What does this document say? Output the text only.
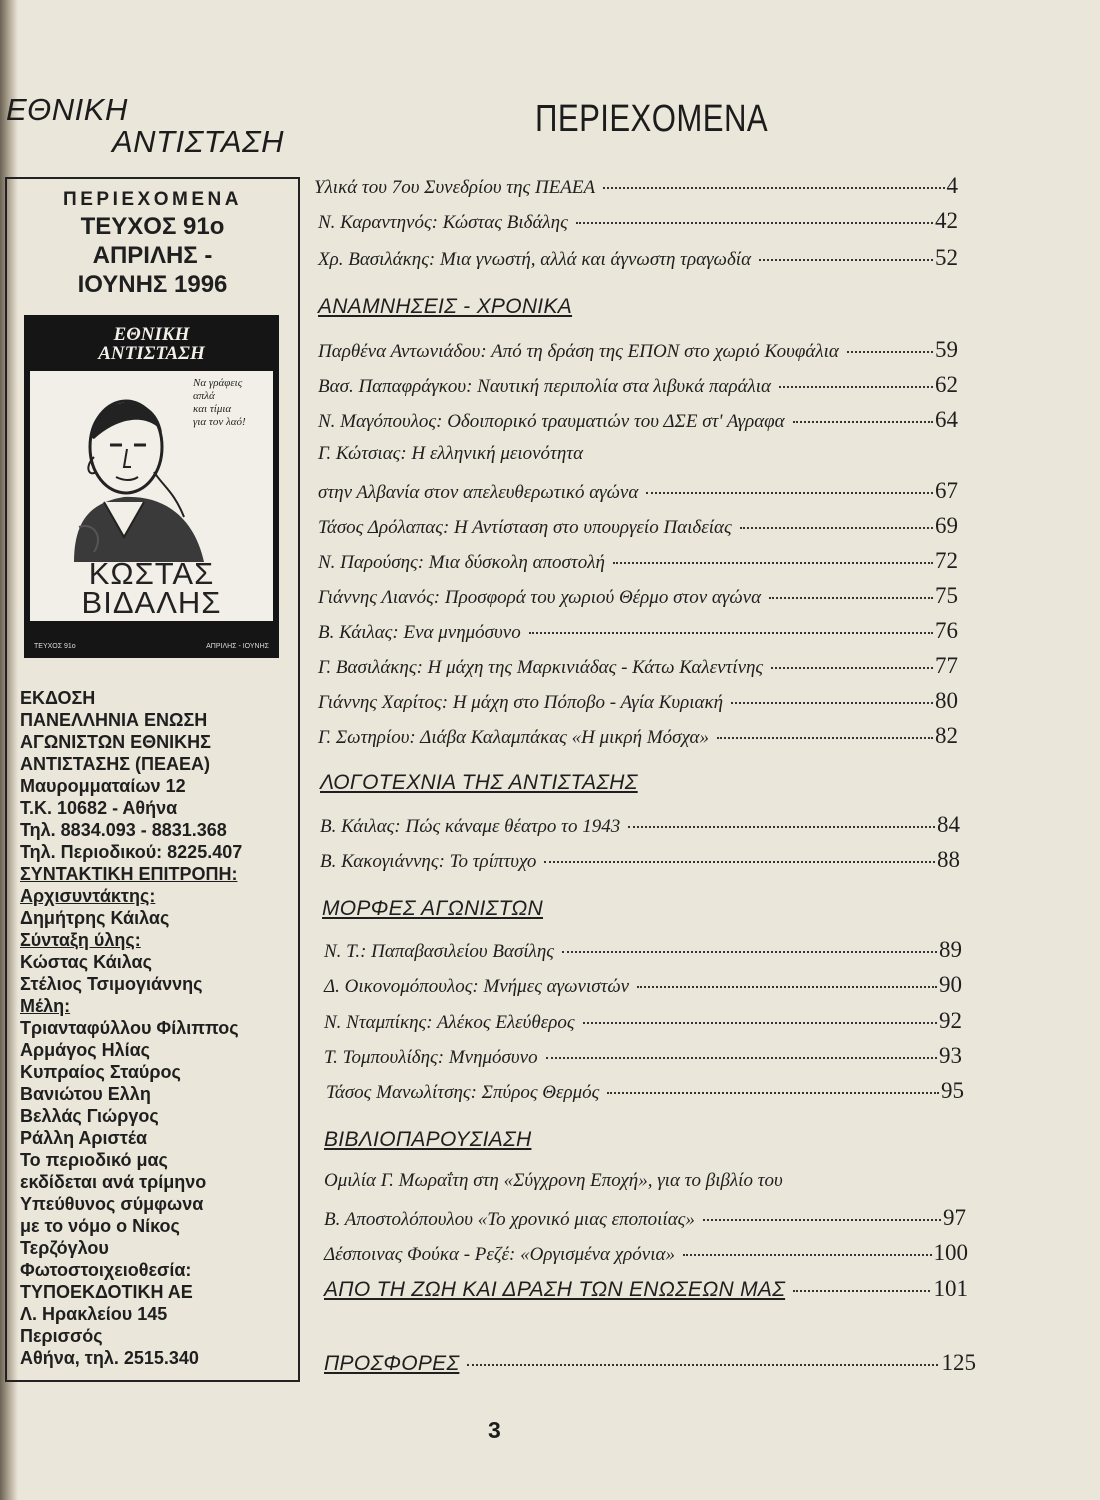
ΕΘΝΙΚΗ
ΑΝΤΙΣΤΑΣΗ
ΠΕΡΙΕΧΟΜΕΝΑ
ΠΕΡΙΕΧΟΜΕΝΑ
ΤΕΥΧΟΣ 91ο
ΑΠΡΙΛΗΣ -
ΙΟΥΝΗΣ 1996
ΕΘΝΙΚΗ
ΑΝΤΙΣΤΑΣΗ
Να γράφεις
απλά
και τίμια
για τον λαό!
ΚΩΣΤΑΣ
ΒΙΔΑΛΗΣ
ΤΕΥΧΟΣ 91ο	ΑΠΡΙΛΗΣ - ΙΟΥΝΗΣ
ΕΚΔΟΣΗ
ΠΑΝΕΛΛΗΝΙΑ ΕΝΩΣΗ
ΑΓΩΝΙΣΤΩΝ ΕΘΝΙΚΗΣ
ΑΝΤΙΣΤΑΣΗΣ (ΠΕΑΕΑ)
Μαυρομματαίων 12
Τ.Κ. 10682 - Αθήνα
Τηλ. 8834.093 - 8831.368
Τηλ. Περιοδικού: 8225.407
ΣΥΝΤΑΚΤΙΚΗ ΕΠΙΤΡΟΠΗ:
Αρχισυντάκτης:
Δημήτρης Κάιλας
Σύνταξη ύλης:
Κώστας Κάιλας
Στέλιος Τσιμογιάννης
Μέλη:
Τριανταφύλλου Φίλιππος
Αρμάγος Ηλίας
Κυπραίος Σταύρος
Βανιώτου Ελλη
Βελλάς Γιώργος
Ράλλη Αριστέα
Το περιοδικό μας
εκδίδεται ανά τρίμηνο
Υπεύθυνος σύμφωνα
με το νόμο ο Νίκος
Τερζόγλου
Φωτοστοιχειοθεσία:
ΤΥΠΟΕΚΔΟΤΙΚΗ ΑΕ
Λ. Ηρακλείου 145
Περισσός
Αθήνα, τηλ. 2515.340
Υλικά του 7ου Συνεδρίου της ΠΕΑΕΑ	4
Ν. Καραντηνός: Κώστας Βιδάλης	42
Χρ. Βασιλάκης: Μια γνωστή, αλλά και άγνωστη τραγωδία	52
ΑΝΑΜΝΗΣΕΙΣ - ΧΡΟΝΙΚΑ
Παρθένα Αντωνιάδου: Από τη δράση της ΕΠΟΝ στο χωριό Κουφάλια	59
Βασ. Παπαφράγκου: Ναυτική περιπολία στα λιβυκά παράλια	62
Ν. Μαγόπουλος: Οδοιπορικό τραυματιών του ΔΣΕ στ' Αγραφα	64
Γ. Κώτσιας: Η ελληνική μειονότητα
στην Αλβανία στον απελευθερωτικό αγώνα	67
Τάσος Δρόλαπας: Η Αντίσταση στο υπουργείο Παιδείας	69
Ν. Παρούσης: Μια δύσκολη αποστολή	72
Γιάννης Λιανός: Προσφορά του χωριού Θέρμο στον αγώνα	75
Β. Κάιλας: Ενα μνημόσυνο	76
Γ. Βασιλάκης: Η μάχη της Μαρκινιάδας - Κάτω Καλεντίνης	77
Γιάννης Χαρίτος: Η μάχη στο Πόποβο - Αγία Κυριακή	80
Γ. Σωτηρίου: Διάβα Καλαμπάκας «Η μικρή Μόσχα»	82
ΛΟΓΟΤΕΧΝΙΑ ΤΗΣ ΑΝΤΙΣΤΑΣΗΣ
Β. Κάιλας: Πώς κάναμε θέατρο το 1943	84
Β. Κακογιάννης: Το τρίπτυχο	88
ΜΟΡΦΕΣ ΑΓΩΝΙΣΤΩΝ
Ν. Τ.: Παπαβασιλείου Βασίλης	89
Δ. Οικονομόπουλος: Μνήμες αγωνιστών	90
Ν. Νταμπίκης: Αλέκος Ελεύθερος	92
Τ. Τομπουλίδης: Μνημόσυνο	93
Τάσος Μανωλίτσης: Σπύρος Θερμός	95
ΒΙΒΛΙΟΠΑΡΟΥΣΙΑΣΗ
Ομιλία Γ. Μωραΐτη στη «Σύγχρονη Εποχή», για το βιβλίο του
Β. Αποστολόπουλου «Το χρονικό μιας εποποιίας»	97
Δέσποινας Φούκα - Ρεζέ: «Οργισμένα χρόνια»	100
ΑΠΟ ΤΗ ΖΩΗ ΚΑΙ ΔΡΑΣΗ ΤΩΝ ΕΝΩΣΕΩΝ ΜΑΣ	101
ΠΡΟΣΦΟΡΕΣ	125
3
